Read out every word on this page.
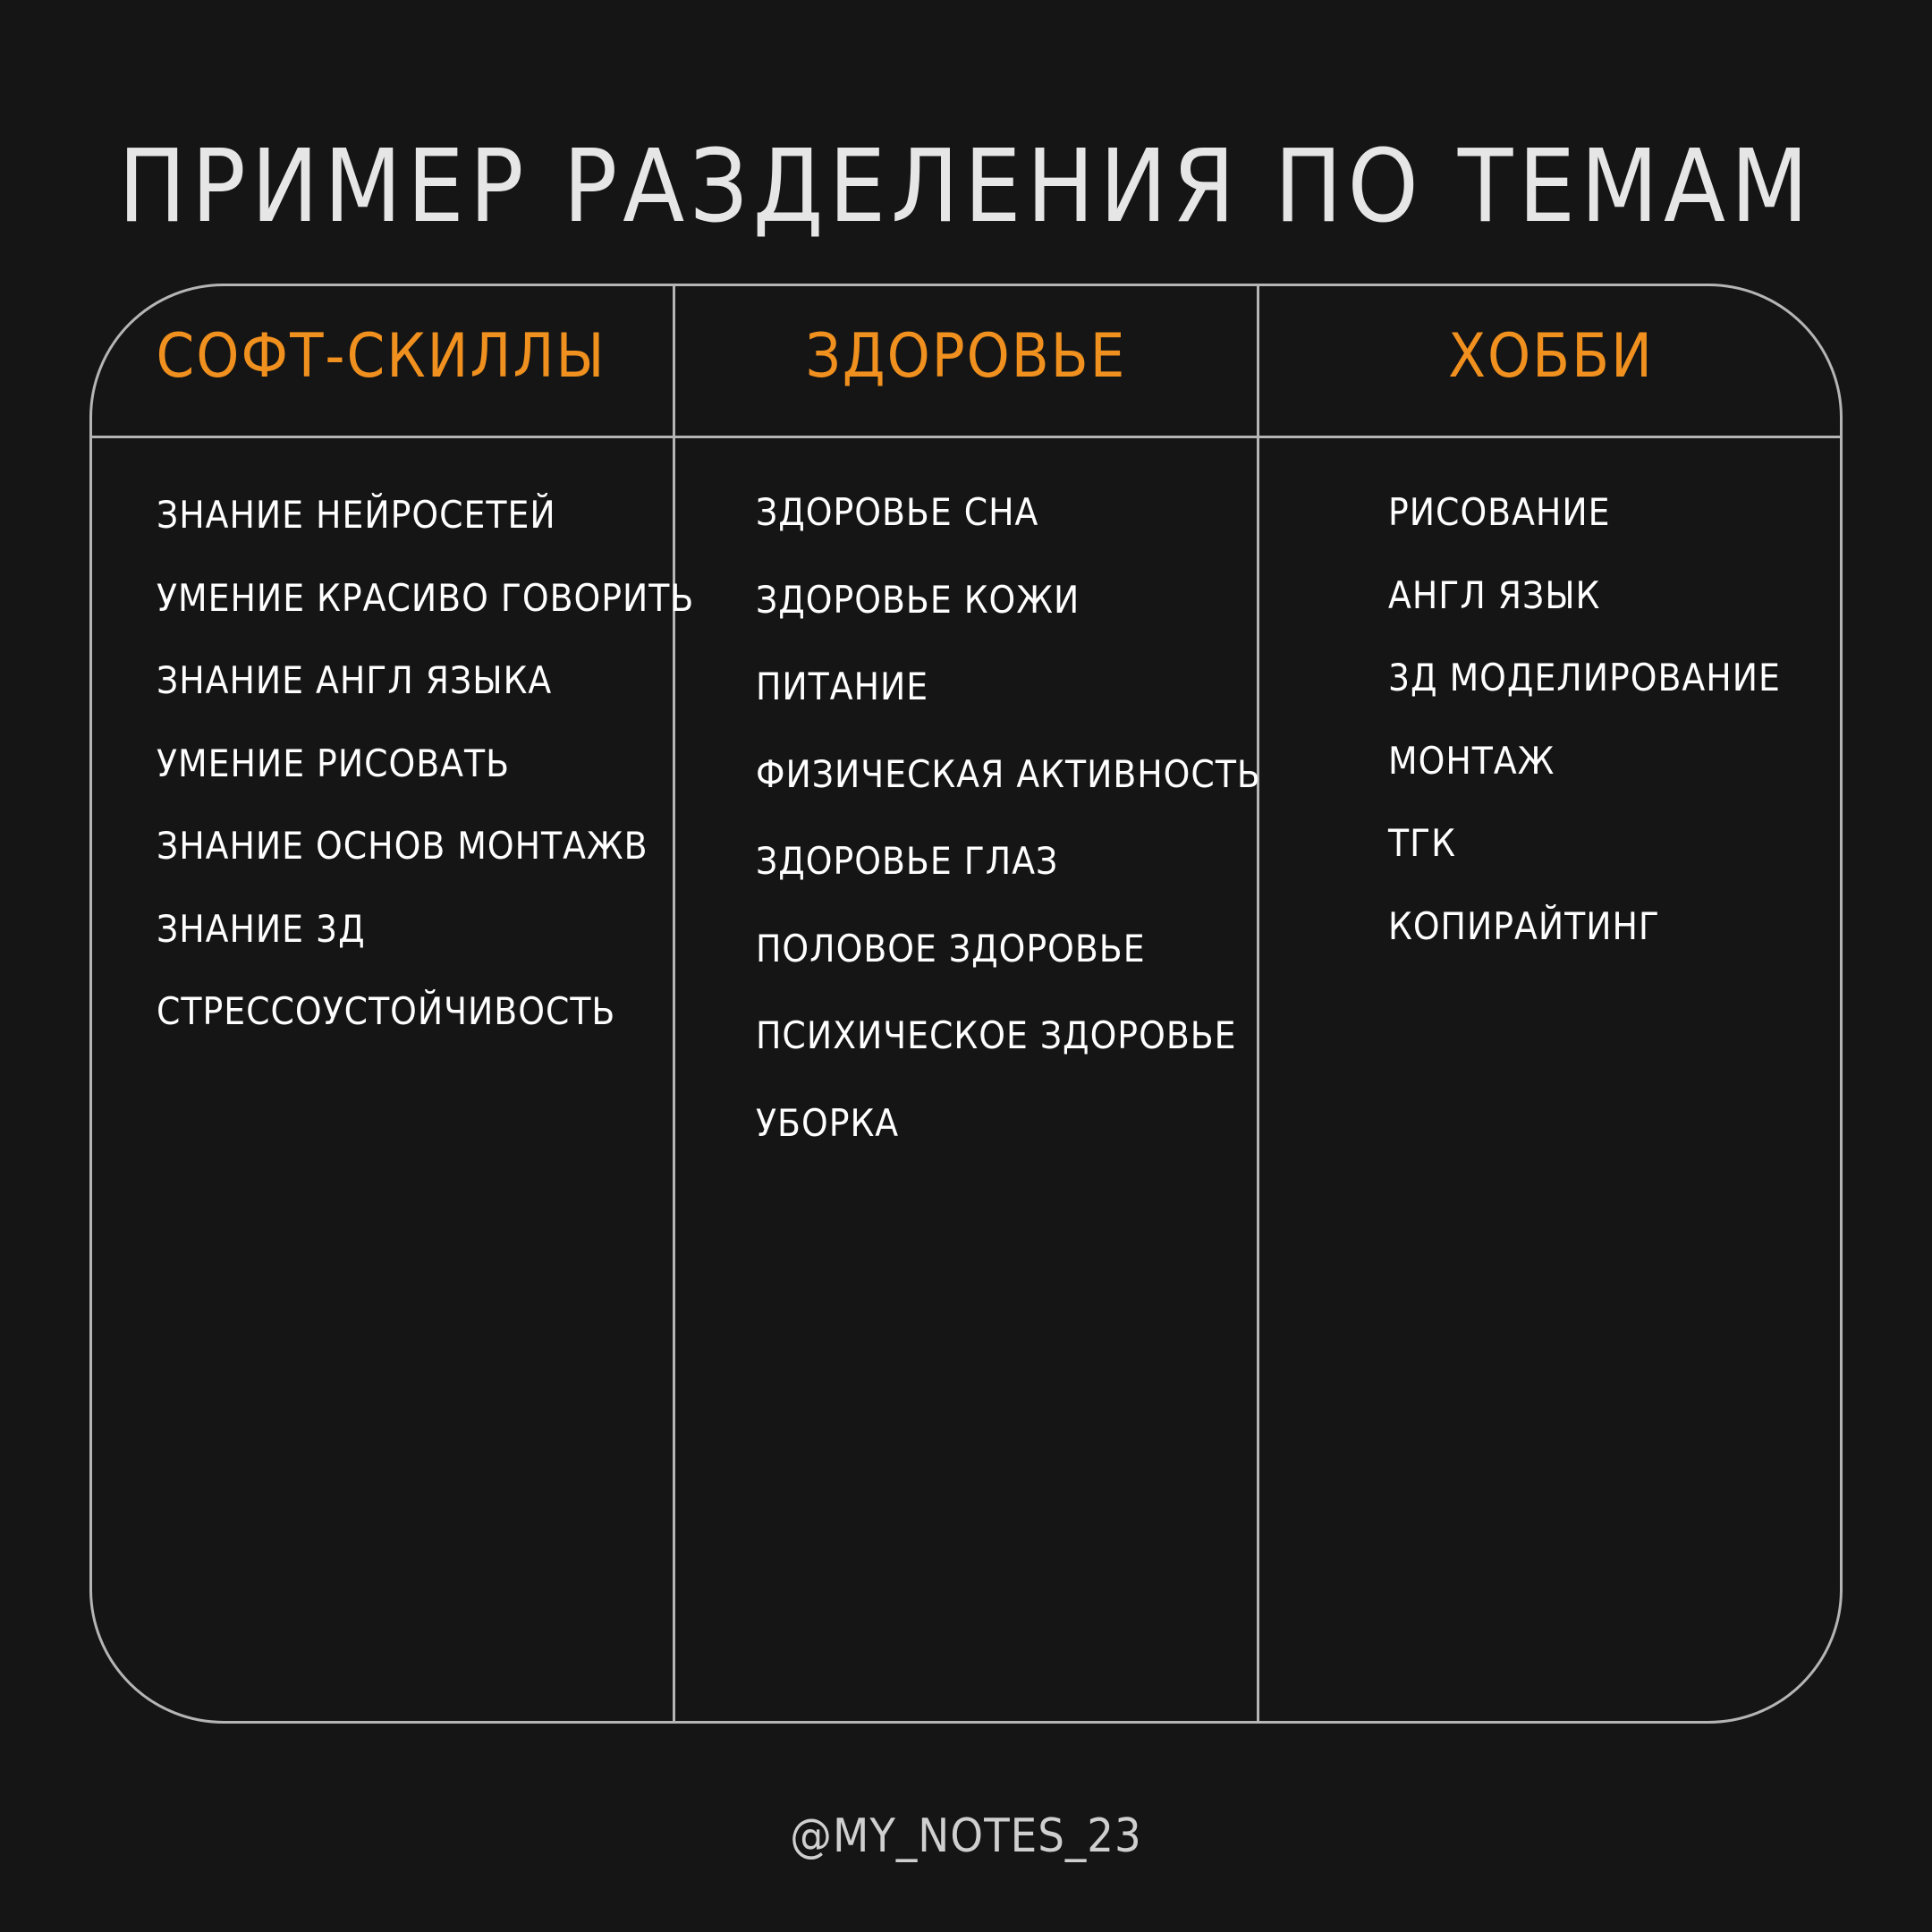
ПРИМЕР РАЗДЕЛЕНИЯ ПО ТЕМАМ
СОФТ-СКИЛЛЫ	ЗДОРОВЬЕ	ХОББИ
ЗНАНИЕ НЕЙРОСЕТЕЙ
УМЕНИЕ КРАСИВО ГОВОРИТЬ
ЗНАНИЕ АНГЛ ЯЗЫКА
УМЕНИЕ РИСОВАТЬ
ЗНАНИЕ ОСНОВ МОНТАЖВ
ЗНАНИЕ 3Д
СТРЕССОУСТОЙЧИВОСТЬ
ЗДОРОВЬЕ СНА
ЗДОРОВЬЕ КОЖИ
ПИТАНИЕ
ФИЗИЧЕСКАЯ АКТИВНОСТЬ
ЗДОРОВЬЕ ГЛАЗ
ПОЛОВОЕ ЗДОРОВЬЕ
ПСИХИЧЕСКОЕ ЗДОРОВЬЕ
УБОРКА
РИСОВАНИЕ
АНГЛ ЯЗЫК
3Д МОДЕЛИРОВАНИЕ
МОНТАЖ
ТГК
КОПИРАЙТИНГ
@MY_NOTES_23
